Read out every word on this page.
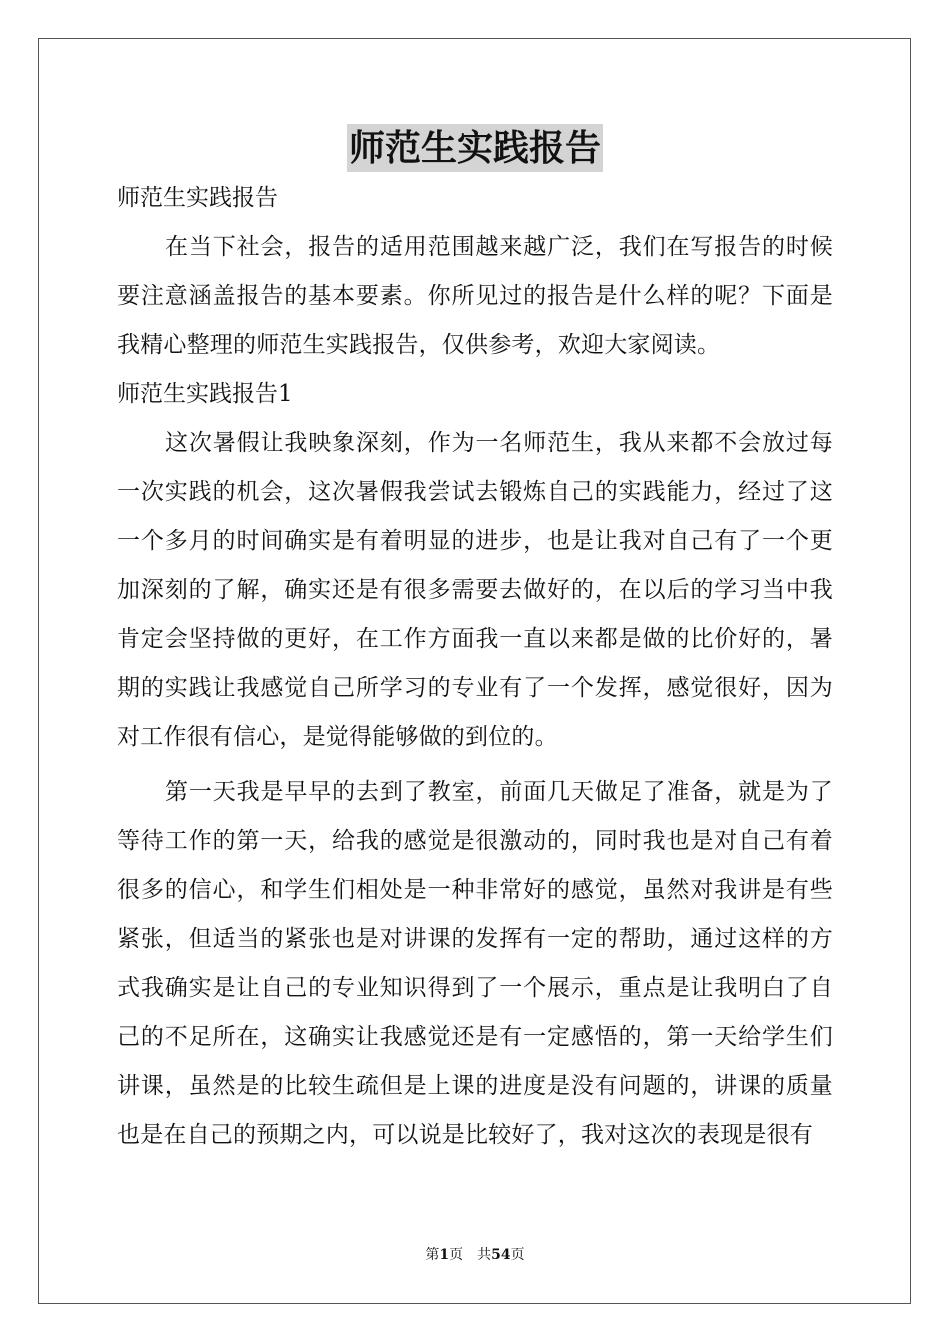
师范生实践报告

师范生实践报告

在当下社会，报告的适用范围越来越广泛，我们在写报告的时候要注意涵盖报告的基本要素。你所见过的报告是什么样的呢？下面是我精心整理的师范生实践报告，仅供参考，欢迎大家阅读。

师范生实践报告1

这次暑假让我映象深刻，作为一名师范生，我从来都不会放过每一次实践的机会，这次暑假我尝试去锻炼自己的实践能力，经过了这一个多月的时间确实是有着明显的进步，也是让我对自己有了一个更加深刻的了解，确实还是有很多需要去做好的，在以后的学习当中我肯定会坚持做的更好，在工作方面我一直以来都是做的比价好的，暑期的实践让我感觉自己所学习的专业有了一个发挥，感觉很好，因为对工作很有信心，是觉得能够做的到位的。

第一天我是早早的去到了教室，前面几天做足了准备，就是为了等待工作的第一天，给我的感觉是很激动的，同时我也是对自己有着很多的信心，和学生们相处是一种非常好的感觉，虽然对我讲是有些紧张，但适当的紧张也是对讲课的发挥有一定的帮助，通过这样的方式我确实是让自己的专业知识得到了一个展示，重点是让我明白了自己的不足所在，这确实让我感觉还是有一定感悟的，第一天给学生们讲课，虽然是的比较生疏但是上课的进度是没有问题的，讲课的质量也是在自己的预期之内，可以说是比较好了，我对这次的表现是很有

第1页 共54页
